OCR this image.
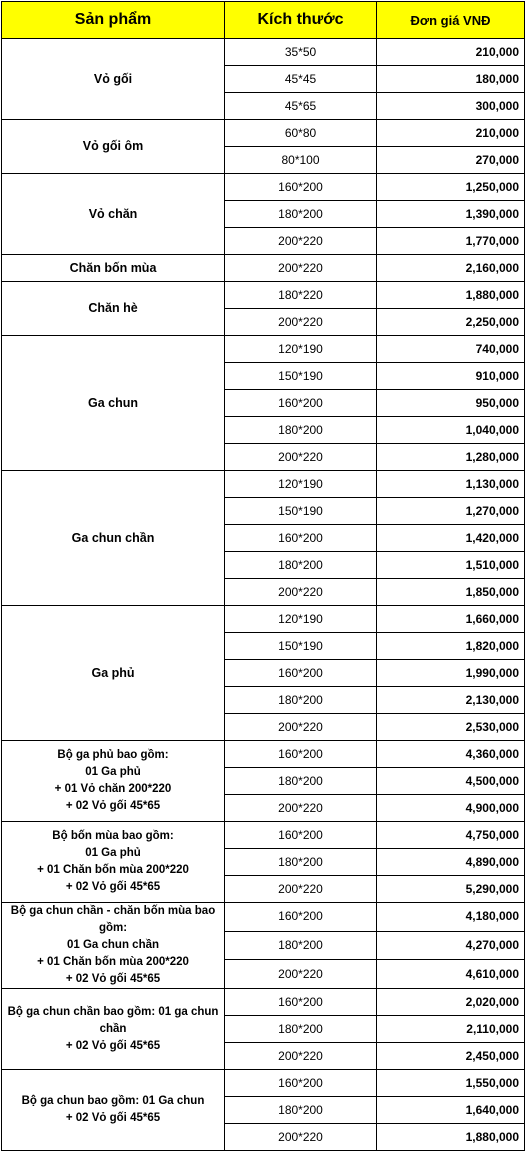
Sản phẩm	Kích thước	Đơn giá VNĐ

Vỏ gối	35*50	210,000
	45*45	180,000
	45*65	300,000

Vỏ gối ôm	60*80	210,000
	80*100	270,000

Vỏ chăn	160*200	1,250,000
	180*200	1,390,000
	200*220	1,770,000

Chăn bốn mùa	200*220	2,160,000

Chăn hè	180*220	1,880,000
	200*220	2,250,000

Ga chun	120*190	740,000
	150*190	910,000
	160*200	950,000
	180*200	1,040,000
	200*220	1,280,000

Ga chun chần	120*190	1,130,000
	150*190	1,270,000
	160*200	1,420,000
	180*200	1,510,000
	200*220	1,850,000

Ga phủ	120*190	1,660,000
	150*190	1,820,000
	160*200	1,990,000
	180*200	2,130,000
	200*220	2,530,000

Bộ ga phủ bao gồm:
01 Ga phủ
+ 01 Vỏ chăn 200*220
+ 02 Vỏ gối 45*65	160*200	4,360,000
	180*200	4,500,000
	200*220	4,900,000

Bộ bốn mùa bao gồm:
01 Ga phủ
+ 01 Chăn bốn mùa 200*220
+ 02 Vỏ gối 45*65	160*200	4,750,000
	180*200	4,890,000
	200*220	5,290,000

Bộ ga chun chần - chăn bốn mùa bao
gồm:
01 Ga chun chần
+ 01 Chăn bốn mùa 200*220
+ 02 Vỏ gối 45*65	160*200	4,180,000
	180*200	4,270,000
	200*220	4,610,000

Bộ ga chun chần bao gồm: 01 ga chun
chần
+ 02 Vỏ gối 45*65	160*200	2,020,000
	180*200	2,110,000
	200*220	2,450,000

Bộ ga chun bao gồm: 01 Ga chun
+ 02 Vỏ gối 45*65	160*200	1,550,000
	180*200	1,640,000
	200*220	1,880,000
